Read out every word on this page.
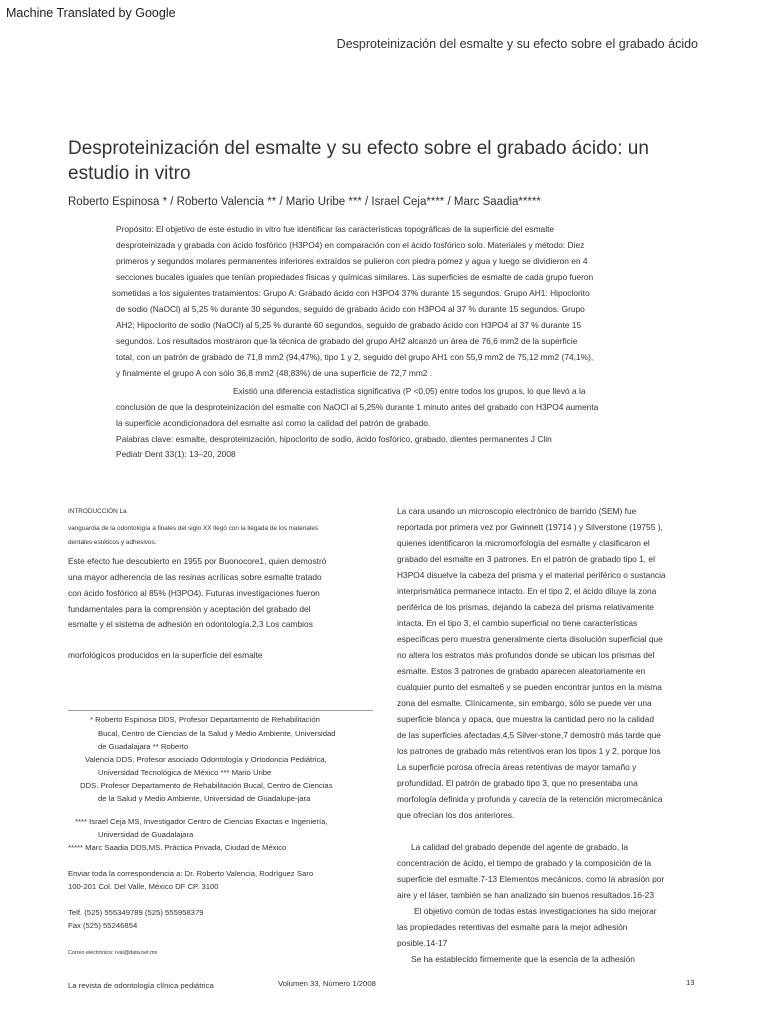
Machine Translated by Google
Desproteinización del esmalte y su efecto sobre el grabado ácido
Desproteinización del esmalte y su efecto sobre el grabado ácido: un estudio in vitro
Roberto Espinosa * / Roberto Valencia ** / Mario Uribe *** / Israel Ceja**** / Marc Saadia*****
Propósito: El objetivo de este estudio in vitro fue identificar las características topográficas de la superficie del esmalte
desproteinizada y grabada con ácido fosfórico (H3PO4) en comparación con el ácido fosfórico solo. Materiales y método: Diez
primeros y segundos molares permanentes inferiores extraídos se pulieron con piedra pómez y agua y luego se dividieron en 4
secciones bucales iguales que tenían propiedades físicas y químicas similares. Las superficies de esmalte de cada grupo fueron
sometidas a los siguientes tratamientos: Grupo A: Grabado ácido con H3PO4 37% durante 15 segundos. Grupo AH1: Hipoclorito
de sodio (NaOCl) al 5,25 % durante 30 segundos, seguido de grabado ácido con H3PO4 al 37 % durante 15 segundos. Grupo
AH2; Hipoclorito de sodio (NaOCl) al 5,25 % durante 60 segundos, seguido de grabado ácido con H3PO4 al 37 % durante 15
segundos. Los resultados mostraron que la técnica de grabado del grupo AH2 alcanzó un área de 76,6 mm2 de la superficie
total, con un patrón de grabado de 71,8 mm2 (94,47%), tipo 1 y 2, seguido del grupo AH1 con 55,9 mm2 de 75,12 mm2 (74,1%),
y finalmente el grupo A con sólo 36,8 mm2 (48,83%) de una superficie de 72,7 mm2 .
Existió una diferencia estadística significativa (P <0,05) entre todos los grupos, lo que llevó a la
conclusión de que la desproteinización del esmalte con NaOCl al 5,25% durante 1 minuto antes del grabado con H3PO4 aumenta
la superficie acondicionadora del esmalte así como la calidad del patrón de grabado.
Palabras clave: esmalte, desproteinización, hipoclorito de sodio, ácido fosfórico, grabado, dientes permanentes J Clin
Pediatr Dent 33(1): 13–20, 2008
INTRODUCCIÓN La
vanguardia de la odontología a finales del siglo XX llegó con la llegada de los materiales
dentales estéticos y adhesivos.
Este efecto fue descubierto en 1955 por Buonocore1, quien demostró
una mayor adherencia de las resinas acrílicas sobre esmalte tratado
con ácido fosfórico al 85% (H3PO4). Futuras investigaciones fueron
fundamentales para la comprensión y aceptación del grabado del
esmalte y el sistema de adhesión en odontología.2,3 Los cambios
morfológicos producidos en la superficie del esmalte
* Roberto Espinosa DDS, Profesor Departamento de Rehabilitación
Bucal, Centro de Ciencias de la Salud y Medio Ambiente, Universidad
de Guadalajara ** Roberto
Valencia DDS. Profesor asociado Odontología y Ortodoncia Pediátrica,
Universidad Tecnológica de México *** Mario Uribe
DDS. Profesor Departamento de Rehabilitación Bucal, Centro de Ciencias
de la Salud y Medio Ambiente, Universidad de Guadalupe-jara
**** Israel Ceja MS, Investigador Centro de Ciencias Exactas e Ingeniería,
Universidad de Guadalajara
***** Marc Saadia DDS,MS. Práctica Privada, Ciudad de México
Enviar toda la correspondencia a: Dr. Roberto Valencia, Rodríguez Saro
100-201 Col. Del Valle, México DF CP. 3100
Telf. (525) 555349789 (525) 555958379
Fax (525) 55246854
Correo electrónico: rval@data.net.mx
La cara usando un microscopio electrónico de barrido (SEM) fue
reportada por primera vez por Gwinnett (19714 ) y Silverstone (19755 ),
quienes identificaron la micromorfología del esmalte y clasificaron el
grabado del esmalte en 3 patrones. En el patrón de grabado tipo 1, el
H3PO4 disuelve la cabeza del prisma y el material periférico o sustancia
interprismática permanece intacto. En el tipo 2, el ácido diluye la zona
periférica de los prismas, dejando la cabeza del prisma relativamente
intacta. En el tipo 3, el cambio superficial no tiene características
específicas pero muestra generalmente cierta disolución superficial que
no altera los estratos más profundos donde se ubican los prismas del
esmalte. Estos 3 patrones de grabado aparecen aleatoriamente en
cualquier punto del esmalte6 y se pueden encontrar juntos en la misma
zona del esmalte. Clínicamente, sin embargo, sólo se puede ver una
superficie blanca y opaca, que muestra la cantidad pero no la calidad
de las superficies afectadas.4,5 Silver-stone,7 demostró más tarde que
los patrones de grabado más retentivos eran los tipos 1 y 2, porque los
La superficie porosa ofrecía áreas retentivas de mayor tamaño y
profundidad. El patrón de grabado tipo 3, que no presentaba una
morfología definida y profunda y carecía de la retención micromecánica
que ofrecían los dos anteriores.
La calidad del grabado depende del agente de grabado, la
concentración de ácido, el tiempo de grabado y la composición de la
superficie del esmalte.7-13 Elementos mecánicos, como la abrasión por
aire y el láser, también se han analizado sin buenos resultados.16-23
El objetivo común de todas estas investigaciones ha sido mejorar
las propiedades retentivas del esmalte para la mejor adhesión
posible.14-17
Se ha establecido firmemente que la esencia de la adhesión
La revista de odontología clínica pediátrica	Volumen 33, Número 1/2008	13
